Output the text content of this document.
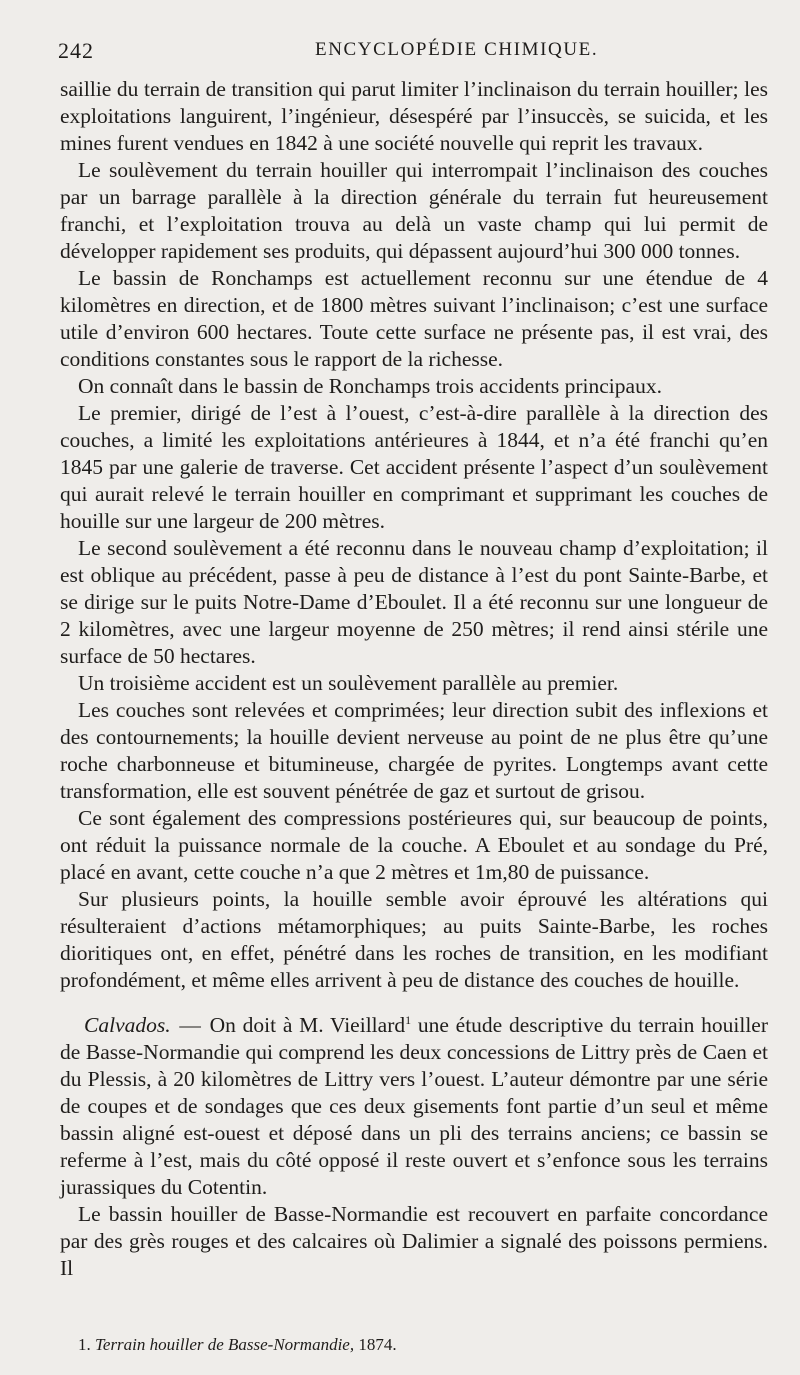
242	ENCYCLOPÉDIE CHIMIQUE.

saillie du terrain de transition qui parut limiter l’inclinaison du terrain houiller; les exploitations languirent, l’ingénieur, désespéré par l’insuccès, se suicida, et les mines furent vendues en 1842 à une société nouvelle qui reprit les travaux.

Le soulèvement du terrain houiller qui interrompait l’inclinaison des couches par un barrage parallèle à la direction générale du terrain fut heureusement franchi, et l’exploitation trouva au delà un vaste champ qui lui permit de développer rapidement ses produits, qui dépassent aujourd’hui 300 000 tonnes.

Le bassin de Ronchamps est actuellement reconnu sur une étendue de 4 kilomètres en direction, et de 1800 mètres suivant l’inclinaison; c’est une surface utile d’environ 600 hectares. Toute cette surface ne présente pas, il est vrai, des conditions constantes sous le rapport de la richesse.

On connaît dans le bassin de Ronchamps trois accidents principaux.

Le premier, dirigé de l’est à l’ouest, c’est-à-dire parallèle à la direction des couches, a limité les exploitations antérieures à 1844, et n’a été franchi qu’en 1845 par une galerie de traverse. Cet accident présente l’aspect d’un soulèvement qui aurait relevé le terrain houiller en comprimant et supprimant les couches de houille sur une largeur de 200 mètres.

Le second soulèvement a été reconnu dans le nouveau champ d’exploitation; il est oblique au précédent, passe à peu de distance à l’est du pont Sainte-Barbe, et se dirige sur le puits Notre-Dame d’Eboulet. Il a été reconnu sur une longueur de 2 kilomètres, avec une largeur moyenne de 250 mètres; il rend ainsi stérile une surface de 50 hectares.

Un troisième accident est un soulèvement parallèle au premier.

Les couches sont relevées et comprimées; leur direction subit des inflexions et des contournements; la houille devient nerveuse au point de ne plus être qu’une roche charbonneuse et bitumineuse, chargée de pyrites. Longtemps avant cette transformation, elle est souvent pénétrée de gaz et surtout de grisou.

Ce sont également des compressions postérieures qui, sur beaucoup de points, ont réduit la puissance normale de la couche. A Eboulet et au sondage du Pré, placé en avant, cette couche n’a que 2 mètres et 1m,80 de puissance.

Sur plusieurs points, la houille semble avoir éprouvé les altérations qui résulteraient d’actions métamorphiques; au puits Sainte-Barbe, les roches dioritiques ont, en effet, pénétré dans les roches de transition, en les modifiant profondément, et même elles arrivent à peu de distance des couches de houille.

Calvados. — On doit à M. Vieillard$^1$ une étude descriptive du terrain houiller de Basse-Normandie qui comprend les deux concessions de Littry près de Caen et du Plessis, à 20 kilomètres de Littry vers l’ouest. L’auteur démontre par une série de coupes et de sondages que ces deux gisements font partie d’un seul et même bassin aligné est-ouest et déposé dans un pli des terrains anciens; ce bassin se referme à l’est, mais du côté opposé il reste ouvert et s’enfonce sous les terrains jurassiques du Cotentin.

Le bassin houiller de Basse-Normandie est recouvert en parfaite concordance par des grès rouges et des calcaires où Dalimier a signalé des poissons permiens. Il

1. Terrain houiller de Basse-Normandie, 1874.
